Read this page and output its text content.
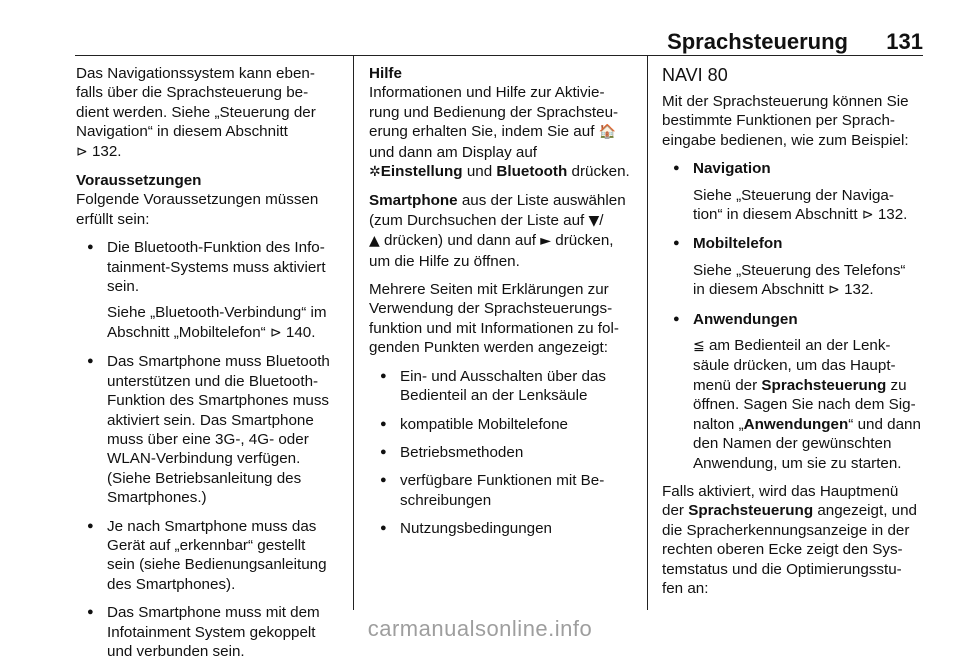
Sprachsteuerung 131

Das Navigationssystem kann eben-
falls über die Sprachsteuerung be-
dient werden. Siehe „Steuerung der
Navigation“ in diesem Abschnitt
⊳ 132.

Voraussetzungen

Folgende Voraussetzungen müssen
erfüllt sein:

● Die Bluetooth-Funktion des Info-
tainment-Systems muss aktiviert
sein.

Siehe „Bluetooth-Verbindung“ im
Abschnitt „Mobiltelefon“ ⊳ 140.

● Das Smartphone muss Bluetooth
unterstützen und die Bluetooth-
Funktion des Smartphones muss
aktiviert sein. Das Smartphone
muss über eine 3G-, 4G- oder
WLAN-Verbindung verfügen.
(Siehe Betriebsanleitung des
Smartphones.)

● Je nach Smartphone muss das
Gerät auf „erkennbar“ gestellt
sein (siehe Bedienungsanleitung
des Smartphones).

● Das Smartphone muss mit dem
Infotainment System gekoppelt
und verbunden sein.

Hilfe

Informationen und Hilfe zur Aktivie-
rung und Bedienung der Sprachsteu-
erung erhalten Sie, indem Sie auf 🏠
und dann am Display auf
✲Einstellung und Bluetooth drücken.

Smartphone aus der Liste auswählen
(zum Durchsuchen der Liste auf ▼/
▲ drücken) und dann auf ► drücken,
um die Hilfe zu öffnen.

Mehrere Seiten mit Erklärungen zur
Verwendung der Sprachsteuerungs-
funktion und mit Informationen zu fol-
genden Punkten werden angezeigt:

● Ein- und Ausschalten über das
Bedienteil an der Lenksäule

● kompatible Mobiltelefone

● Betriebsmethoden

● verfügbare Funktionen mit Be-
schreibungen

● Nutzungsbedingungen

NAVI 80

Mit der Sprachsteuerung können Sie
bestimmte Funktionen per Sprach-
eingabe bedienen, wie zum Beispiel:

● Navigation

Siehe „Steuerung der Naviga-
tion“ in diesem Abschnitt ⊳ 132.

● Mobiltelefon

Siehe „Steuerung des Telefons“
in diesem Abschnitt ⊳ 132.

● Anwendungen

≦ am Bedienteil an der Lenk-
säule drücken, um das Haupt-
menü der Sprachsteuerung zu
öffnen. Sagen Sie nach dem Sig-
nalton „Anwendungen“ und dann
den Namen der gewünschten
Anwendung, um sie zu starten.

Falls aktiviert, wird das Hauptmenü
der Sprachsteuerung angezeigt, und
die Spracherkennungsanzeige in der
rechten oberen Ecke zeigt den Sys-
temstatus und die Optimierungsstu-
fen an:

carmanualsonline.info
